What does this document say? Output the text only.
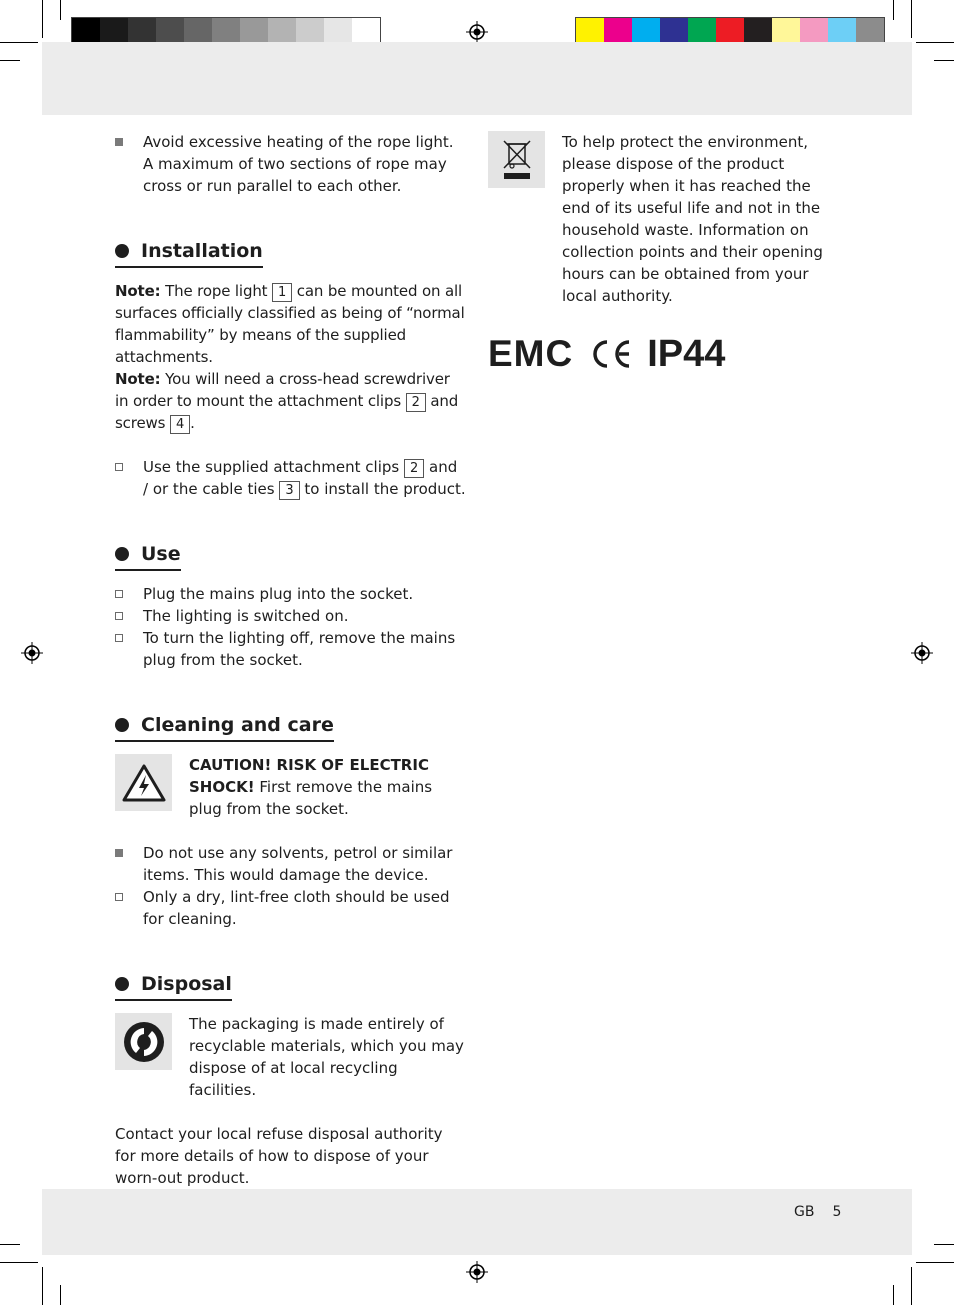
GB 5
Avoid excessive heating of the rope light. A maximum of two sections of rope may cross or run parallel to each other.
Installation

Note: The rope light 1 can be mounted on all surfaces officially classified as being of “normal flammability” by means of the supplied attachments.
Note: You will need a cross-head screwdriver in order to mount the attachment clips 2 and screws 4 .

Use the supplied attachment clips 2 and / or the cable ties 3 to install the product.
Use
Plug the mains plug into the socket.
The lighting is switched on.
To turn the lighting off, remove the mains plug from the socket.
Cleaning and care

CAUTION! RISK OF ELECTRIC SHOCK! First remove the mains plug from the socket.

Do not use any solvents, petrol or similar items. This would damage the device.
Only a dry, lint-free cloth should be used for cleaning.
Disposal

The packaging is made entirely of recyclable materials, which you may dispose of at local recycling facilities.

Contact your local refuse disposal authority for more details of how to dispose of your worn-out product.

To help protect the environment, please dispose of the product properly when it has reached the end of its useful life and not in the household waste. Information on collection points and their opening hours can be obtained from your local authority.

EMC IP44
